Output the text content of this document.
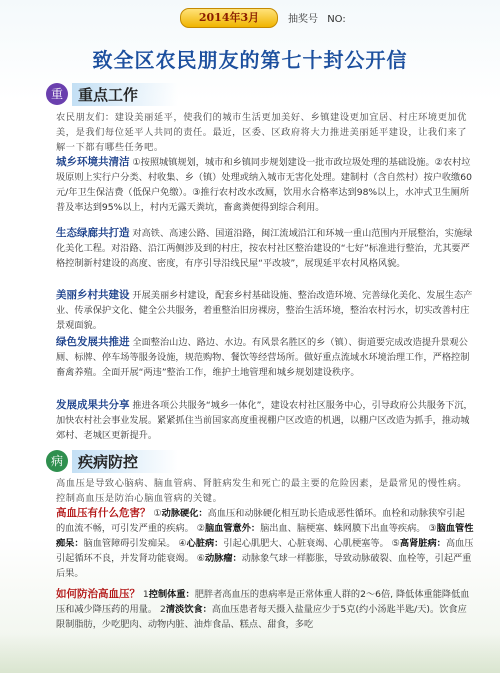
2014年3月	抽奖号 NO:
致全区农民朋友的第七十封公开信
重	重点工作
农民朋友们：建设美丽延平，使我们的城市生活更加美好、乡镇建设更加宜居、村庄环境更加优美，是我们每位延平人共同的责任。最近，区委、区政府将大力推进美丽延平建设，让我们来了解一下都有哪些任务吧。
城乡环境共清洁 ①按照城镇规划，城市和乡镇同步规划建设一批市政垃圾处理的基础设施。②农村垃圾原则上实行户分类、村收集、乡（镇）处理或纳入城市无害化处理。建制村（含自然村）按户收缴60元/年卫生保洁费（低保户免缴）。③推行农村改水改厕，饮用水合格率达到98%以上，水冲式卫生厕所普及率达到95%以上，村内无露天粪坑，畜禽粪便得到综合利用。
生态绿廊共打造 对高铁、高速公路、国道沿路，闽江流域沿江和环城一重山范围内开展整治，实施绿化美化工程。对沿路、沿江两侧涉及到的村庄，按农村社区整治建设的“七好”标准进行整治，尤其要严格控制新村建设的高度、密度，有序引导沿线民屋“平改坡”，展现延平农村风格风貌。
美丽乡村共建设 开展美丽乡村建设，配套乡村基础设施、整治改造环境、完善绿化美化、发展生态产业、传承保护文化、健全公共服务，着重整治旧房裸房，整治生活环境，整治农村污水，切实改善村庄景观面貌。
绿色发展共推进 全面整治山边、路边、水边。有风景名胜区的乡（镇）、街道要完成改造提升景观公厕、标牌、停车场等服务设施，规范购物、餐饮等经营场所。做好重点流域水环境治理工作，严格控制畜禽养殖。全面开展“两违”整治工作，维护土地管理和城乡规划建设秩序。
发展成果共分享 推进各项公共服务“城乡一体化”，建设农村社区服务中心，引导政府公共服务下沉，加快农村社会事业发展。紧紧抓住当前国家高度重视棚户区改造的机遇，以棚户区改造为抓手，推动城郊村、老城区更新提升。
病	疾病防控
高血压是导致心脑病、脑血管病、肾脏病发生和死亡的最主要的危险因素，是最常见的慢性病。控制高血压是防治心脑血管病的关键。
高血压有什么危害？ ①动脉硬化：高血压和动脉硬化相互助长造成恶性循环。血栓和动脉狭窄引起的血流不畅，可引发严重的疾病。 ②脑血管意外：脑出血、脑梗塞、蛛网膜下出血等疾病。 ③脑血管性痴呆：脑血管障碍引发痴呆。 ④心脏病：引起心肌肥大、心脏衰竭、心肌梗塞等。 ⑤高肾脏病：高血压引起循环不良，并发肾功能衰竭。 ⑥动脉瘤：动脉象气球一样膨胀，导致动脉破裂、血栓等，引起严重后果。
如何防治高血压？ 1控制体重：肥胖者高血压的患病率是正常体重人群的2～6倍, 降低体重能降低血压和减少降压药的用量。 2清淡饮食：高血压患者每天摄入盐量应少于5克(约小汤匙半匙/天)。饮食应限制脂肪，少吃肥肉、动物内脏、油炸食品、糕点、甜食，多吃
